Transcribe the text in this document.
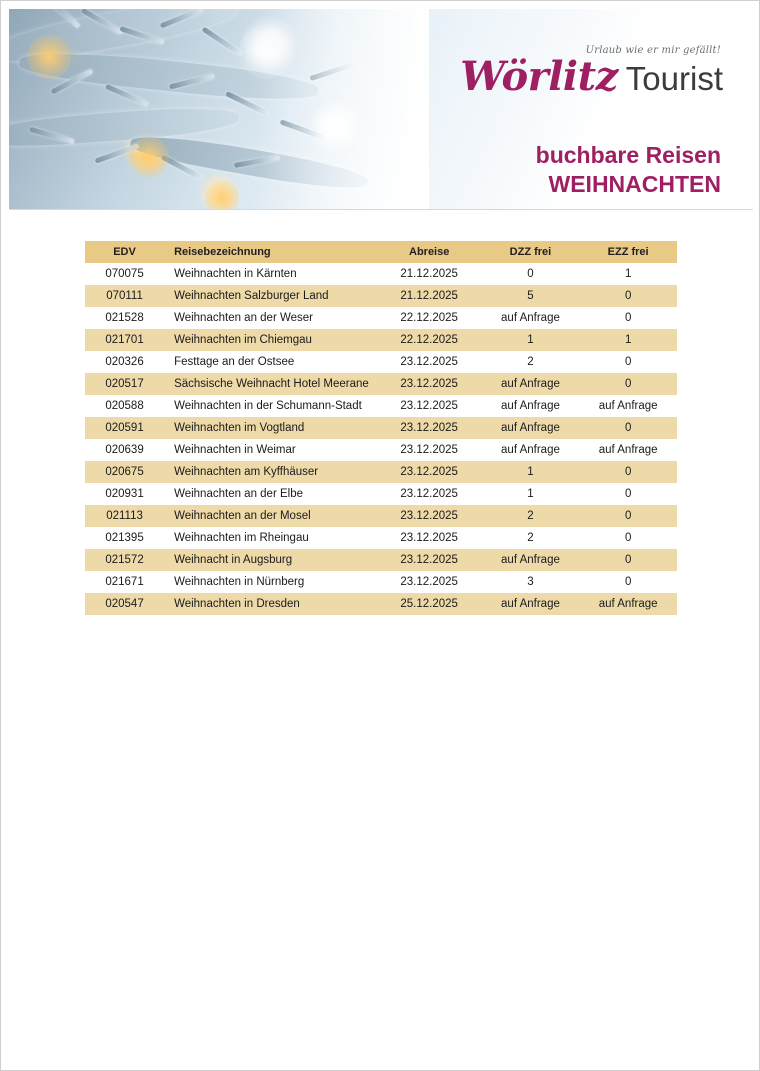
Urlaub wie er mir gefällt!
Wörlitz Tourist
buchbare Reisen
WEIHNACHTEN
EDV	Reisebezeichnung	Abreise	DZZ frei	EZZ frei
070075	Weihnachten in Kärnten	21.12.2025	0	1
070111	Weihnachten Salzburger Land	21.12.2025	5	0
021528	Weihnachten an der Weser	22.12.2025	auf Anfrage	0
021701	Weihnachten im Chiemgau	22.12.2025	1	1
020326	Festtage an der Ostsee	23.12.2025	2	0
020517	Sächsische Weihnacht Hotel Meerane	23.12.2025	auf Anfrage	0
020588	Weihnachten in der Schumann-Stadt	23.12.2025	auf Anfrage	auf Anfrage
020591	Weihnachten im Vogtland	23.12.2025	auf Anfrage	0
020639	Weihnachten in Weimar	23.12.2025	auf Anfrage	auf Anfrage
020675	Weihnachten am Kyffhäuser	23.12.2025	1	0
020931	Weihnachten an der Elbe	23.12.2025	1	0
021113	Weihnachten an der Mosel	23.12.2025	2	0
021395	Weihnachten im Rheingau	23.12.2025	2	0
021572	Weihnacht in Augsburg	23.12.2025	auf Anfrage	0
021671	Weihnachten in Nürnberg	23.12.2025	3	0
020547	Weihnachten in Dresden	25.12.2025	auf Anfrage	auf Anfrage
